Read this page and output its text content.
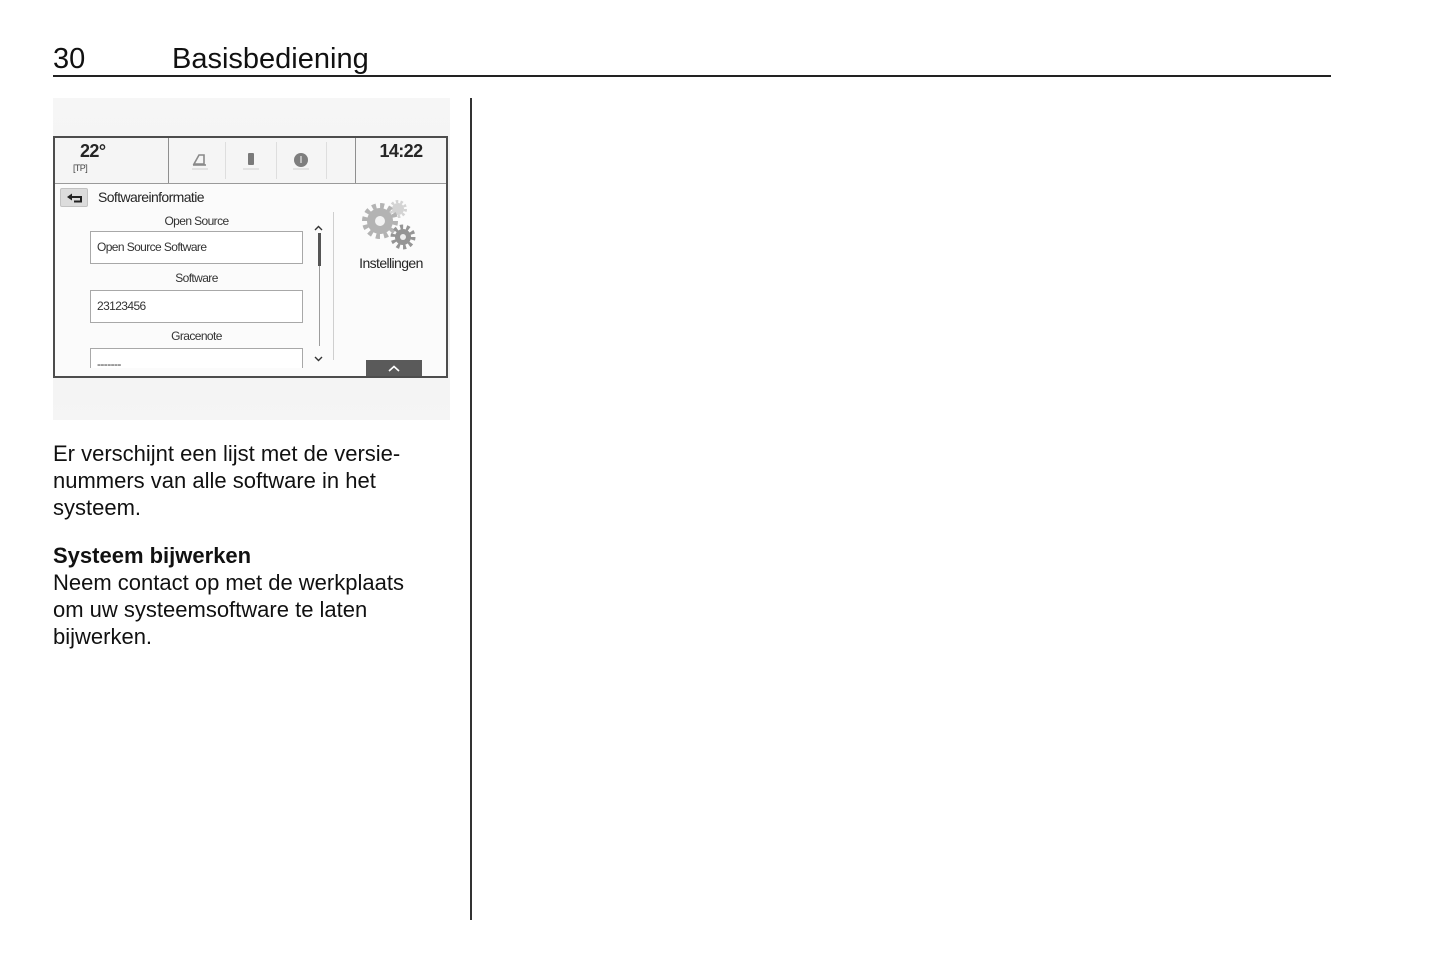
30	Basisbediening
22°
[TP]
14:22
Softwareinformatie
Open Source
Open Source Software
Software
23123456
Gracenote
-------
Instellingen
Er verschijnt een lijst met de versie-
nummers van alle software in het
systeem.
Systeem bijwerken
Neem contact op met de werkplaats
om uw systeemsoftware te laten
bijwerken.
